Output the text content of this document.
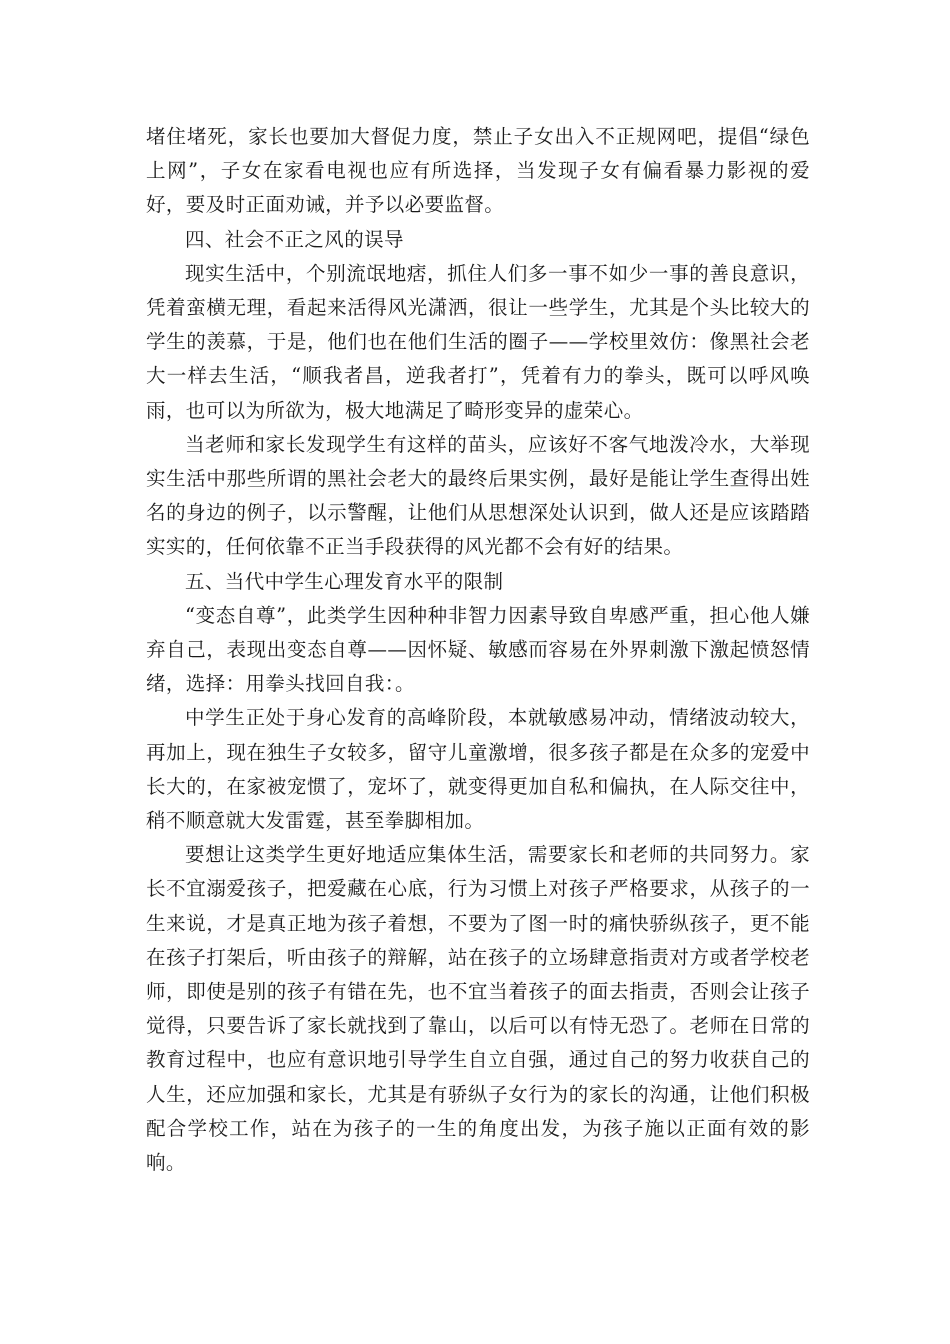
堵住堵死，家长也要加大督促力度，禁止子女出入不正规网吧，提倡“绿色上网”，子女在家看电视也应有所选择，当发现子女有偏看暴力影视的爱好，要及时正面劝诫，并予以必要监督。

四、社会不正之风的误导

现实生活中，个别流氓地痞，抓住人们多一事不如少一事的善良意识，凭着蛮横无理，看起来活得风光潇洒，很让一些学生，尤其是个头比较大的学生的羡慕，于是，他们也在他们生活的圈子——学校里效仿：像黑社会老大一样去生活，“顺我者昌，逆我者打”，凭着有力的拳头，既可以呼风唤雨，也可以为所欲为，极大地满足了畸形变异的虚荣心。

当老师和家长发现学生有这样的苗头，应该好不客气地泼冷水，大举现实生活中那些所谓的黑社会老大的最终后果实例，最好是能让学生查得出姓名的身边的例子，以示警醒，让他们从思想深处认识到，做人还是应该踏踏实实的，任何依靠不正当手段获得的风光都不会有好的结果。

五、当代中学生心理发育水平的限制

“变态自尊”，此类学生因种种非智力因素导致自卑感严重，担心他人嫌弃自己，表现出变态自尊——因怀疑、敏感而容易在外界刺激下激起愤怒情绪，选择：用拳头找回自我：。

中学生正处于身心发育的高峰阶段，本就敏感易冲动，情绪波动较大，再加上，现在独生子女较多，留守儿童激增，很多孩子都是在众多的宠爱中长大的，在家被宠惯了，宠坏了，就变得更加自私和偏执，在人际交往中，稍不顺意就大发雷霆，甚至拳脚相加。

要想让这类学生更好地适应集体生活，需要家长和老师的共同努力。家长不宜溺爱孩子，把爱藏在心底，行为习惯上对孩子严格要求，从孩子的一生来说，才是真正地为孩子着想，不要为了图一时的痛快骄纵孩子，更不能在孩子打架后，听由孩子的辩解，站在孩子的立场肆意指责对方或者学校老师，即使是别的孩子有错在先，也不宜当着孩子的面去指责，否则会让孩子觉得，只要告诉了家长就找到了靠山，以后可以有恃无恐了。老师在日常的教育过程中，也应有意识地引导学生自立自强，通过自己的努力收获自己的人生，还应加强和家长，尤其是有骄纵子女行为的家长的沟通，让他们积极配合学校工作，站在为孩子的一生的角度出发，为孩子施以正面有效的影响。
